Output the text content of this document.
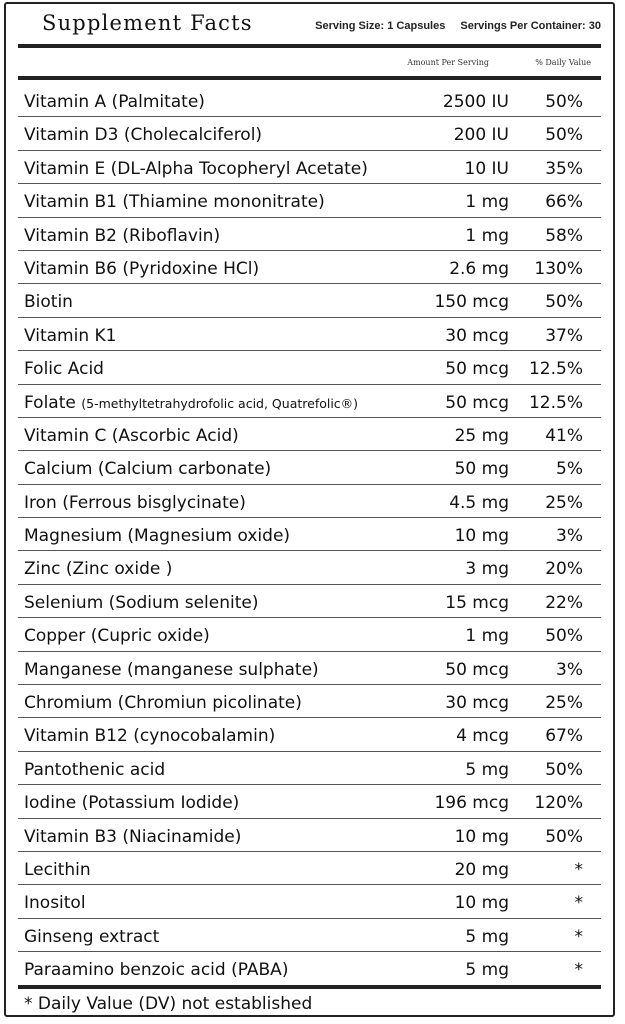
Supplement Facts	Serving Size: 1 Capsules Servings Per Container: 30
Amount Per Serving	% Daily Value
Vitamin A (Palmitate)	2500 IU 50%
Vitamin D3 (Cholecalciferol)	200 IU 50%
Vitamin E (DL-Alpha Tocopheryl Acetate)	10 IU 35%
Vitamin B1 (Thiamine mononitrate)	1 mg 66%
Vitamin B2 (Riboflavin)	1 mg 58%
Vitamin B6 (Pyridoxine HCl)	2.6 mg 130%
Biotin	150 mcg 50%
Vitamin K1	30 mcg 37%
Folic Acid	50 mcg 12.5%
Folate (5-methyltetrahydrofolic acid, Quatrefolic®)	50 mcg 12.5%
Vitamin C (Ascorbic Acid)	25 mg 41%
Calcium (Calcium carbonate)	50 mg	5%
Iron (Ferrous bisglycinate)	4.5 mg 25%
Magnesium (Magnesium oxide)	10 mg	3%
Zinc (Zinc oxide )	3 mg 20%
Selenium (Sodium selenite)	15 mcg 22%
Copper (Cupric oxide)	1 mg 50%
Manganese (manganese sulphate)	50 mcg	3%
Chromium (Chromiun picolinate)	30 mcg 25%
Vitamin B12 (cynocobalamin)	4 mcg 67%
Pantothenic acid	5 mg 50%
Iodine (Potassium Iodide)	196 mcg 120%
Vitamin B3 (Niacinamide)	10 mg 50%
Lecithin	20 mg	*
Inositol	10 mg	*
Ginseng extract	5 mg	*
Paraamino benzoic acid (PABA)	5 mg	*
* Daily Value (DV) not established
